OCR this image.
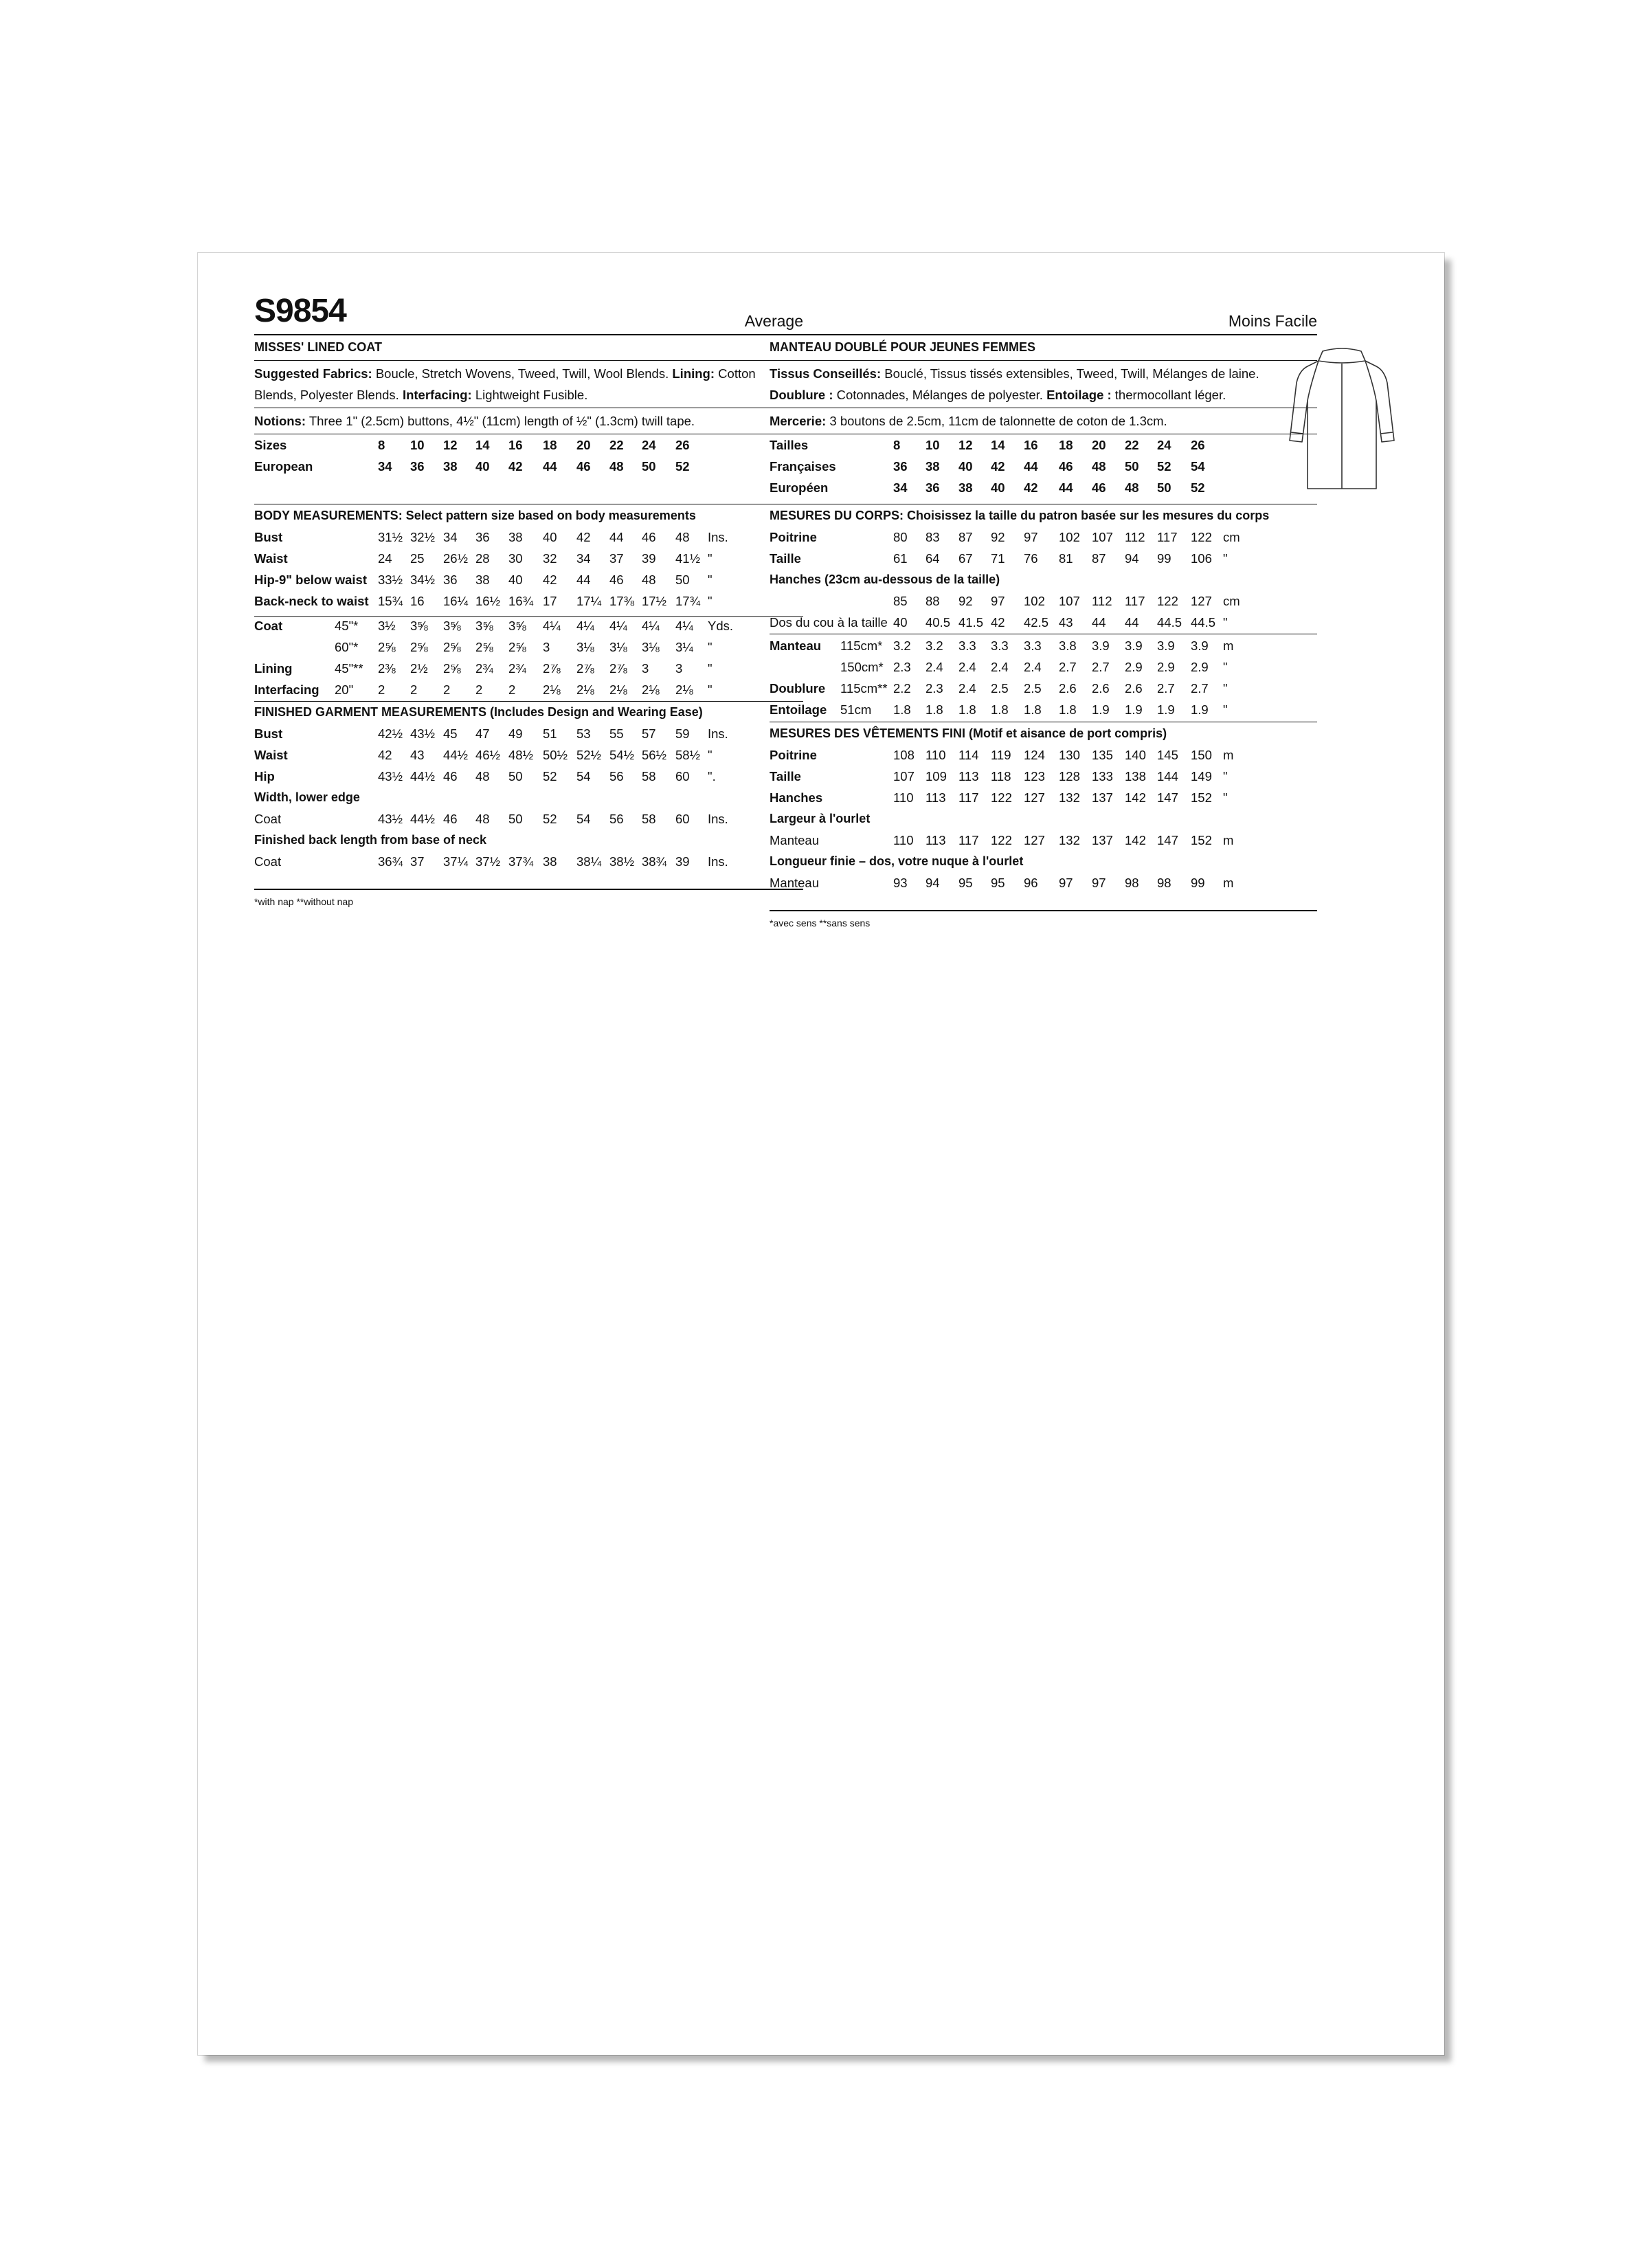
S9854	Average
MISSES' LINED COAT
Suggested Fabrics: Boucle, Stretch Wovens, Tweed, Twill, Wool Blends. Lining: Cotton
Blends, Polyester Blends. Interfacing: Lightweight Fusible.
Notions: Three 1" (2.5cm) buttons, 4½" (11cm) length of ½" (1.3cm) twill tape.
Sizes	8 10 12 14 16 18 20 22 24 26
European	34 36 38 40 42 44 46 48 50 52
BODY MEASUREMENTS: Select pattern size based on body measurements
Bust	31½ 32½ 34 36 38 40 42 44 46 48 Ins.
Waist	24 25 26½ 28 30 32 34 37 39 41½ "
Hip-9" below waist 33½ 34½ 36 38 40 42 44 46 48 50 "
Back-neck to waist 15¾ 16 16¼ 16½ 16¾ 17 17¼ 17⅜ 17½ 17¾ "
Coat	45"* 3½ 3⅝ 3⅝ 3⅝ 3⅝ 4¼ 4¼ 4¼ 4¼ 4¼ Yds.
60"* 2⅝ 2⅝ 2⅝ 2⅝ 2⅝ 3 3⅛ 3⅛ 3⅛ 3¼ "
Lining	45"** 2⅜ 2½ 2⅝ 2¾ 2¾ 2⅞ 2⅞ 2⅞ 3 3 "
Interfacing 20" 2 2 2 2 2 2⅛ 2⅛ 2⅛ 2⅛ 2⅛ "
FINISHED GARMENT MEASUREMENTS (Includes Design and Wearing Ease)
Bust	42½ 43½ 45 47 49 51 53 55 57 59 Ins.
Waist	42 43 44½ 46½ 48½ 50½ 52½ 54½ 56½ 58½ "
Hip	43½ 44½ 46 48 50 52 54 56 58 60 ".
Width, lower edge
Coat	43½ 44½ 46 48 50 52 54 56 58 60 Ins.
Finished back length from base of neck
Coat	36¾ 37 37¼ 37½ 37¾ 38 38¼ 38½ 38¾ 39 Ins.
*with nap **without nap
Moins Facile
MANTEAU DOUBLÉ POUR JEUNES FEMMES
Tissus Conseillés: Bouclé, Tissus tissés extensibles, Tweed, Twill, Mélanges de laine.
Doublure : Cotonnades, Mélanges de polyester. Entoilage : thermocollant léger.
Mercerie: 3 boutons de 2.5cm, 11cm de talonnette de coton de 1.3cm.
Tailles	8 10 12 14 16 18 20 22 24 26
Françaises	36 38 40 42 44 46 48 50 52 54
Européen	34 36 38 40 42 44 46 48 50 52
MESURES DU CORPS: Choisissez la taille du patron basée sur les mesures du corps
Poitrine	80 83 87 92 97 102 107 112 117 122 cm
Taille	61 64 67 71 76 81 87 94 99 106 "
Hanches (23cm au-dessous de la taille)
85 88 92 97 102 107 112 117 122 127 cm
Dos du cou à la taille 40 40.5 41.5 42 42.5 43 44 44 44.5 44.5 "
Manteau 115cm* 3.2 3.2 3.3 3.3 3.3 3.8 3.9 3.9 3.9 3.9 m
150cm* 2.3 2.4 2.4 2.4 2.4 2.7 2.7 2.9 2.9 2.9 "
Doublure 115cm** 2.2 2.3 2.4 2.5 2.5 2.6 2.6 2.6 2.7 2.7 "
Entoilage 51cm 1.8 1.8 1.8 1.8 1.8 1.8 1.9 1.9 1.9 1.9 "
MESURES DES VÊTEMENTS FINI (Motif et aisance de port compris)
Poitrine	108 110 114 119 124 130 135 140 145 150 m
Taille	107 109 113 118 123 128 133 138 144 149 "
Hanches	110 113 117 122 127 132 137 142 147 152 "
Largeur à l'ourlet
Manteau	110 113 117 122 127 132 137 142 147 152 m
Longueur finie – dos, votre nuque à l'ourlet
Manteau	93 94 95 95 96 97 97 98 98 99 m
*avec sens **sans sens
